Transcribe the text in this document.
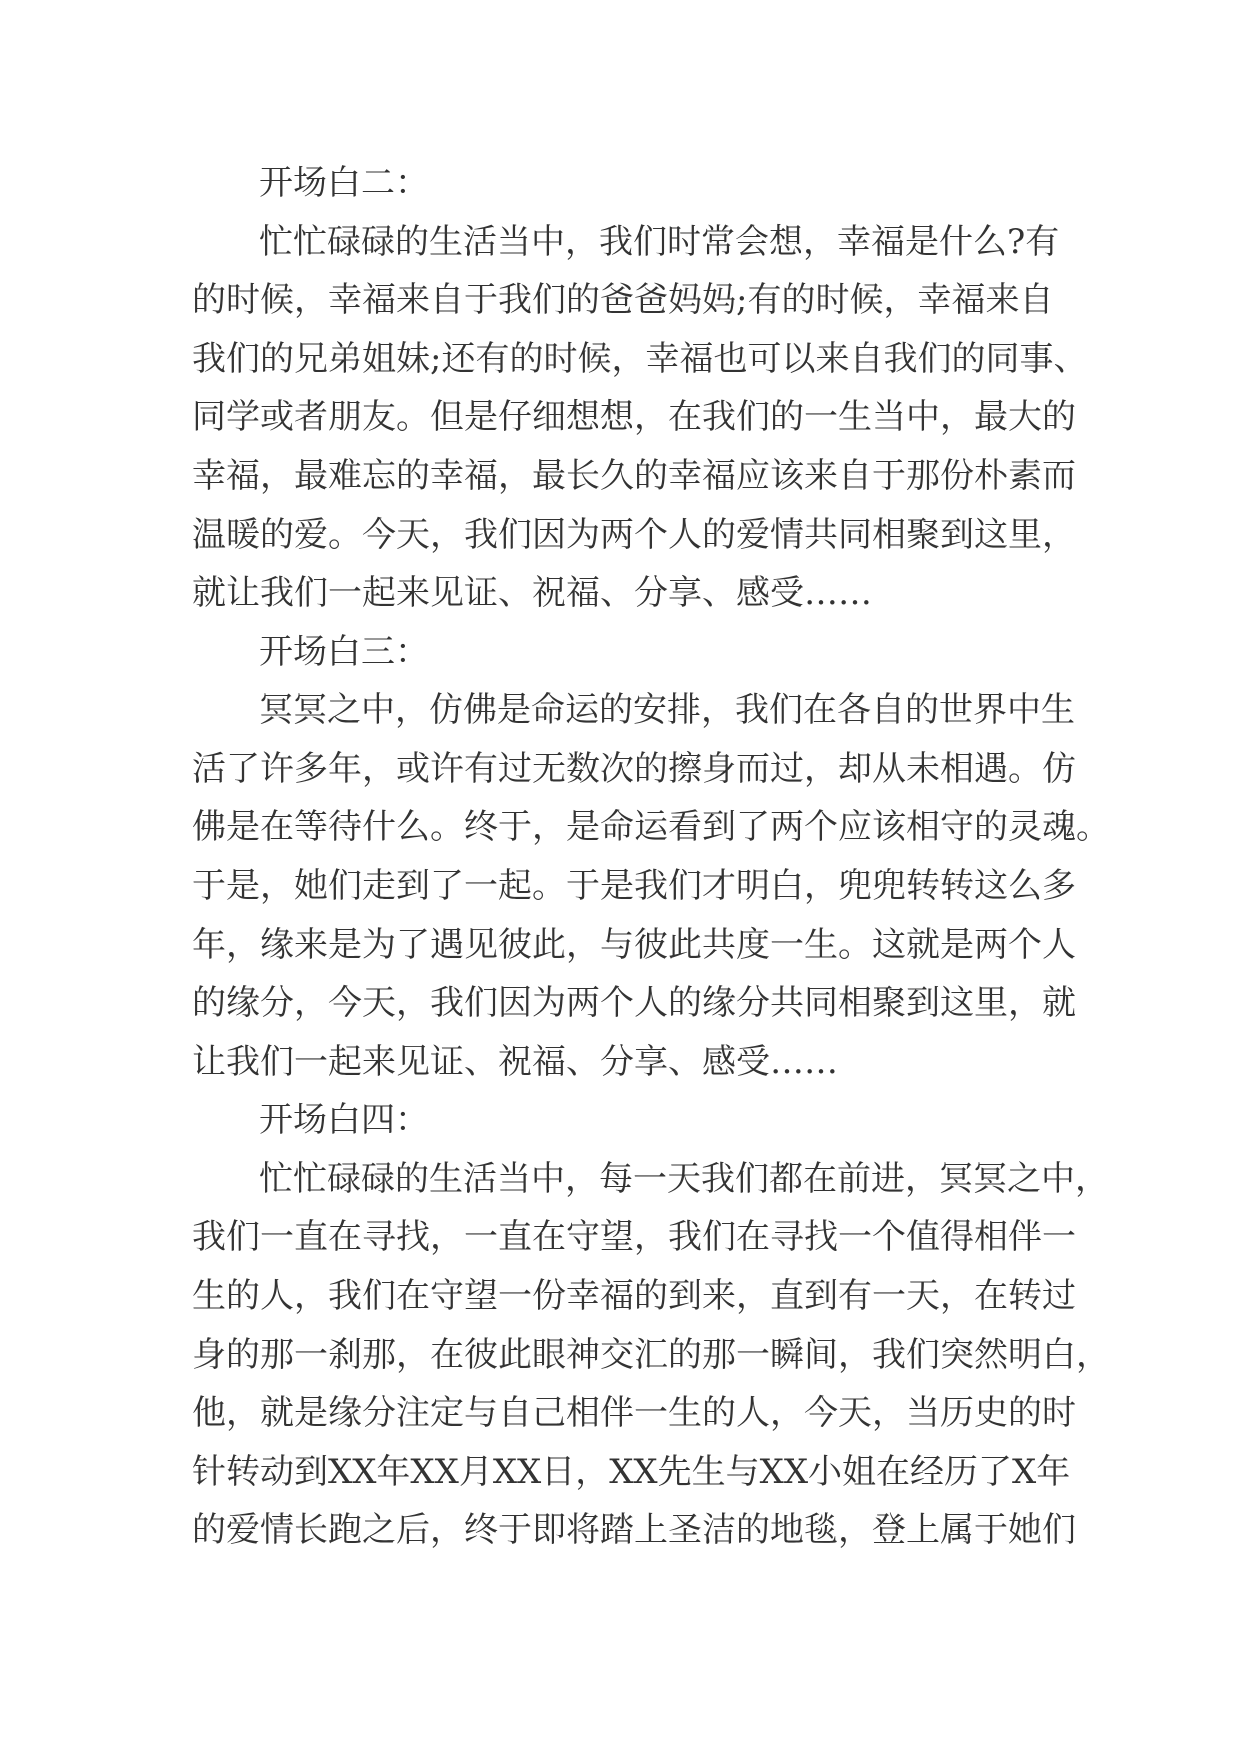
开场白二：

忙忙碌碌的生活当中，我们时常会想，幸福是什么?有

的时候，幸福来自于我们的爸爸妈妈;有的时候，幸福来自

我们的兄弟姐妹;还有的时候，幸福也可以来自我们的同事、

同学或者朋友。但是仔细想想，在我们的一生当中，最大的

幸福，最难忘的幸福，最长久的幸福应该来自于那份朴素而

温暖的爱。今天，我们因为两个人的爱情共同相聚到这里，

就让我们一起来见证、祝福、分享、感受……

开场白三：

冥冥之中，仿佛是命运的安排，我们在各自的世界中生

活了许多年，或许有过无数次的擦身而过，却从未相遇。仿

佛是在等待什么。终于，是命运看到了两个应该相守的灵魂。

于是，她们走到了一起。于是我们才明白，兜兜转转这么多

年，缘来是为了遇见彼此，与彼此共度一生。这就是两个人

的缘分，今天，我们因为两个人的缘分共同相聚到这里，就

让我们一起来见证、祝福、分享、感受……

开场白四：

忙忙碌碌的生活当中，每一天我们都在前进，冥冥之中，

我们一直在寻找，一直在守望，我们在寻找一个值得相伴一

生的人，我们在守望一份幸福的到来，直到有一天，在转过

身的那一刹那，在彼此眼神交汇的那一瞬间，我们突然明白，

他，就是缘分注定与自己相伴一生的人，今天，当历史的时

针转动到XX年XX月XX日，XX先生与XX小姐在经历了X年

的爱情长跑之后，终于即将踏上圣洁的地毯，登上属于她们
